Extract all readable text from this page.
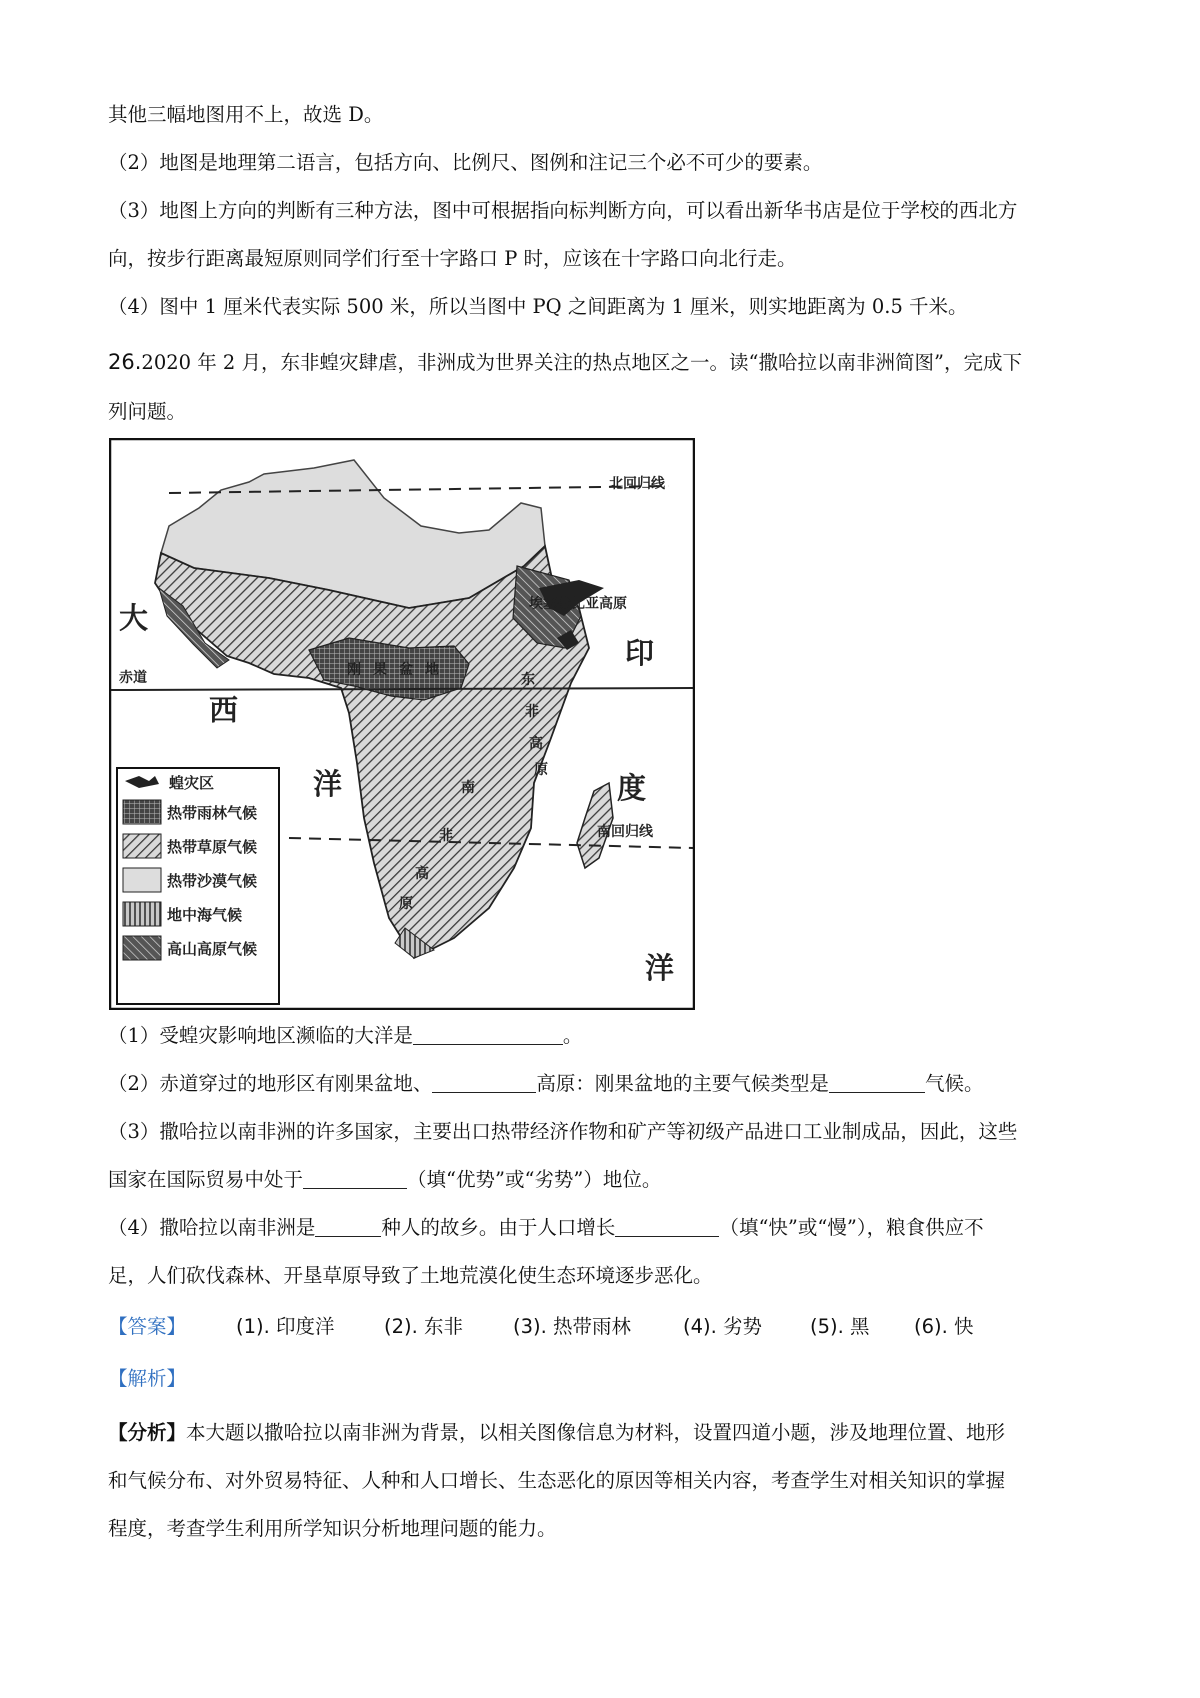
其他三幅地图用不上，故选 D。
（2）地图是地理第二语言，包括方向、比例尺、图例和注记三个必不可少的要素。
（3）地图上方向的判断有三种方法，图中可根据指向标判断方向，可以看出新华书店是位于学校的西北方
向，按步行距离最短原则同学们行至十字路口 P 时，应该在十字路口向北行走。
（4）图中 1 厘米代表实际 500 米，所以当图中 PQ 之间距离为 1 厘米，则实地距离为 0.5 千米。
26.2020 年 2 月，东非蝗灾肆虐，非洲成为世界关注的热点地区之一。读“撒哈拉以南非洲简图”，完成下
列问题。
北回归线
赤道
南回归线
大
西
洋
印
度
洋
刚 果 盆 地
东
非
高
原
南
非
高
原
埃塞俄比亚高原
蝗灾区
热带雨林气候
热带草原气候
热带沙漠气候
地中海气候
高山高原气候
（1）受蝗灾影响地区濒临的大洋是	。
（2）赤道穿过的地形区有刚果盆地、	高原：刚果盆地的主要气候类型是	气候。
（3）撒哈拉以南非洲的许多国家，主要出口热带经济作物和矿产等初级产品进口工业制成品，因此，这些
国家在国际贸易中处于	（填“优势”或“劣势”）地位。
（4）撒哈拉以南非洲是	种人的故乡。由于人口增长	（填“快”或“慢”），粮食供应不
足，人们砍伐森林、开垦草原导致了土地荒漠化使生态环境逐步恶化。
【答案】	(1). 印度洋	(2). 东非	(3). 热带雨林	(4). 劣势 (5). 黑 (6). 快
【解析】
【分析】本大题以撒哈拉以南非洲为背景，以相关图像信息为材料，设置四道小题，涉及地理位置、地形
和气候分布、对外贸易特征、人种和人口增长、生态恶化的原因等相关内容，考查学生对相关知识的掌握
程度，考查学生利用所学知识分析地理问题的能力。
